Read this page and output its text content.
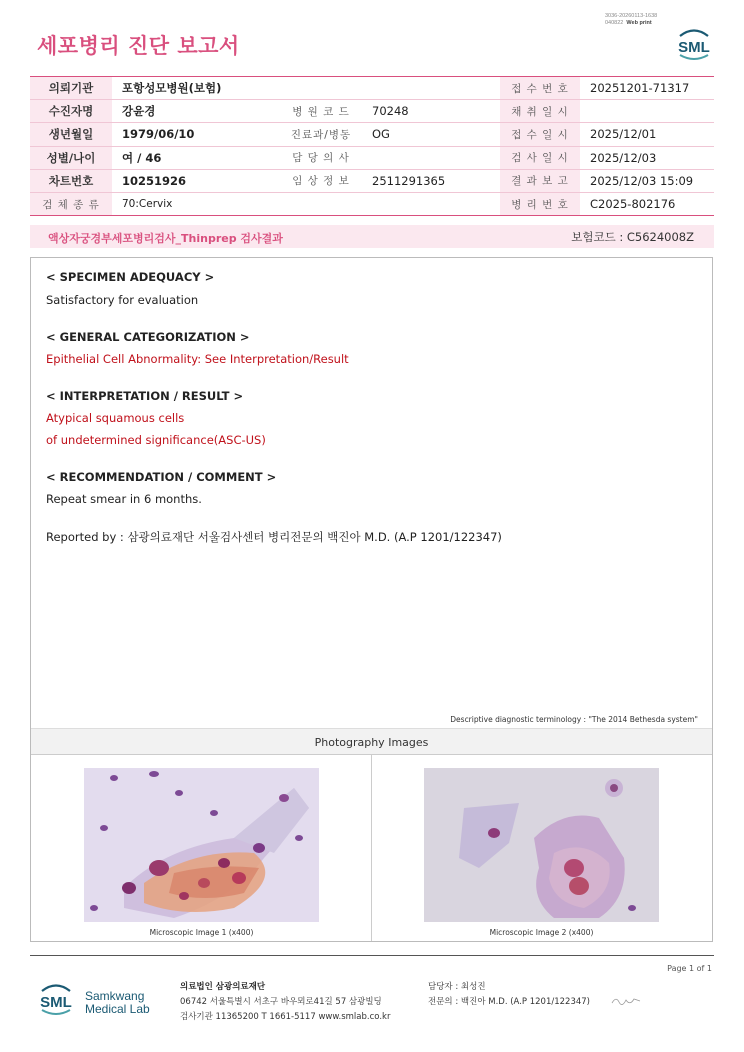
세포병리 진단 보고서
3036-20260113-1638
040822 Web print
SML
의뢰기관	포항성모병원(보험)			접 수 번 호	20251201-71317
수진자명	강윤경	병 원 코 드	70248	채 취 일 시	
생년월일	1979/06/10	진료과/병동	OG	접 수 일 시	2025/12/01
성별/나이	여 / 46	담 당 의 사		검 사 일 시	2025/12/03
차트번호	10251926	임 상 정 보	2511291365	결 과 보 고	2025/12/03 15:09
검 체 종 류	70:Cervix			병 리 번 호	C2025-802176
액상자궁경부세포병리검사_Thinprep 검사결과	보험코드 : C5624008Z
< SPECIMEN ADEQUACY >
Satisfactory for evaluation
< GENERAL CATEGORIZATION >
Epithelial Cell Abnormality: See Interpretation/Result
< INTERPRETATION / RESULT >
Atypical squamous cells
of undetermined significance(ASC-US)
< RECOMMENDATION / COMMENT >
Repeat smear in 6 months.
Reported by : 삼광의료재단 서울검사센터 병리전문의 백진아 M.D. (A.P 1201/122347)
Descriptive diagnostic terminology : "The 2014 Bethesda system"
Photography Images
Microscopic Image 1 (x400)	Microscopic Image 2 (x400)
Page 1 of 1
SML Samkwang
Medical Lab
의료법인 삼광의료재단
06742 서울특별시 서초구 바우뫼로41길 57 삼광빌딩
검사기관 11365200 T 1661-5117 www.smlab.co.kr
담당자 : 최성진
전문의 : 백진아 M.D. (A.P 1201/122347)
